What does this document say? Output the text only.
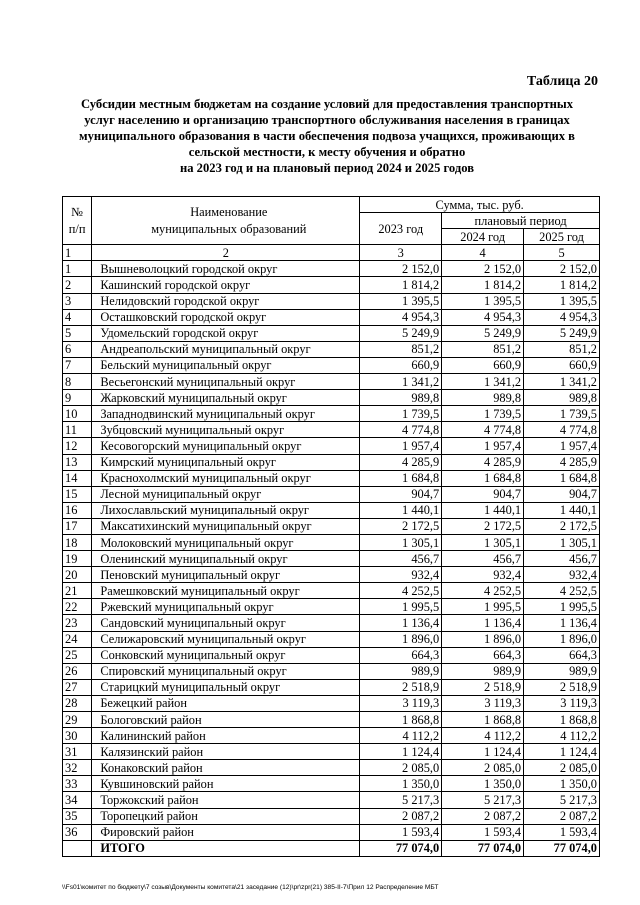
Таблица 20
Субсидии местным бюджетам на создание условий для предоставления транспортных
услуг населению и организацию транспортного обслуживания населения в границах
муниципального образования в части обеспечения подвоза учащихся, проживающих в
сельской местности, к месту обучения и обратно
на 2023 год и на плановый период 2024 и 2025 годов
№
п/п	Наименование
муниципальных образований	Сумма, тыс. руб.		
		2023 год	плановый период	
			2024 год	2025 год
1	2	3	4	5
1	Вышневолоцкий городской округ	2 152,0	2 152,0	2 152,0
2	Кашинский городской округ	1 814,2	1 814,2	1 814,2
3	Нелидовский городской округ	1 395,5	1 395,5	1 395,5
4	Осташковский городской округ	4 954,3	4 954,3	4 954,3
5	Удомельский городской округ	5 249,9	5 249,9	5 249,9
6	Андреапольский муниципальный округ	851,2	851,2	851,2
7	Бельский муниципальный округ	660,9	660,9	660,9
8	Весьегонский муниципальный округ	1 341,2	1 341,2	1 341,2
9	Жарковский муниципальный округ	989,8	989,8	989,8
10	Западнодвинский муниципальный округ	1 739,5	1 739,5	1 739,5
11	Зубцовский муниципальный округ	4 774,8	4 774,8	4 774,8
12	Кесовогорский муниципальный округ	1 957,4	1 957,4	1 957,4
13	Кимрский муниципальный округ	4 285,9	4 285,9	4 285,9
14	Краснохолмский муниципальный округ	1 684,8	1 684,8	1 684,8
15	Лесной муниципальный округ	904,7	904,7	904,7
16	Лихославльский муниципальный округ	1 440,1	1 440,1	1 440,1
17	Максатихинский муниципальный округ	2 172,5	2 172,5	2 172,5
18	Молоковский муниципальный округ	1 305,1	1 305,1	1 305,1
19	Оленинский муниципальный округ	456,7	456,7	456,7
20	Пеновский муниципальный округ	932,4	932,4	932,4
21	Рамешковский муниципальный округ	4 252,5	4 252,5	4 252,5
22	Ржевский муниципальный округ	1 995,5	1 995,5	1 995,5
23	Сандовский муниципальный округ	1 136,4	1 136,4	1 136,4
24	Селижаровский муниципальный округ	1 896,0	1 896,0	1 896,0
25	Сонковский муниципальный округ	664,3	664,3	664,3
26	Спировский муниципальный округ	989,9	989,9	989,9
27	Старицкий муниципальный округ	2 518,9	2 518,9	2 518,9
28	Бежецкий район	3 119,3	3 119,3	3 119,3
29	Бологовский район	1 868,8	1 868,8	1 868,8
30	Калининский район	4 112,2	4 112,2	4 112,2
31	Калязинский район	1 124,4	1 124,4	1 124,4
32	Конаковский район	2 085,0	2 085,0	2 085,0
33	Кувшиновский район	1 350,0	1 350,0	1 350,0
34	Торжокский район	5 217,3	5 217,3	5 217,3
35	Торопецкий район	2 087,2	2 087,2	2 087,2
36	Фировский район	1 593,4	1 593,4	1 593,4
	ИТОГО	77 074,0	77 074,0	77 074,0
\\Fs01\комитет по бюджету\7 созыв\Документы комитета\21 заседание (12)\pr\zpr(21) 385-II-7\Прил 12 Распределение МБТ
